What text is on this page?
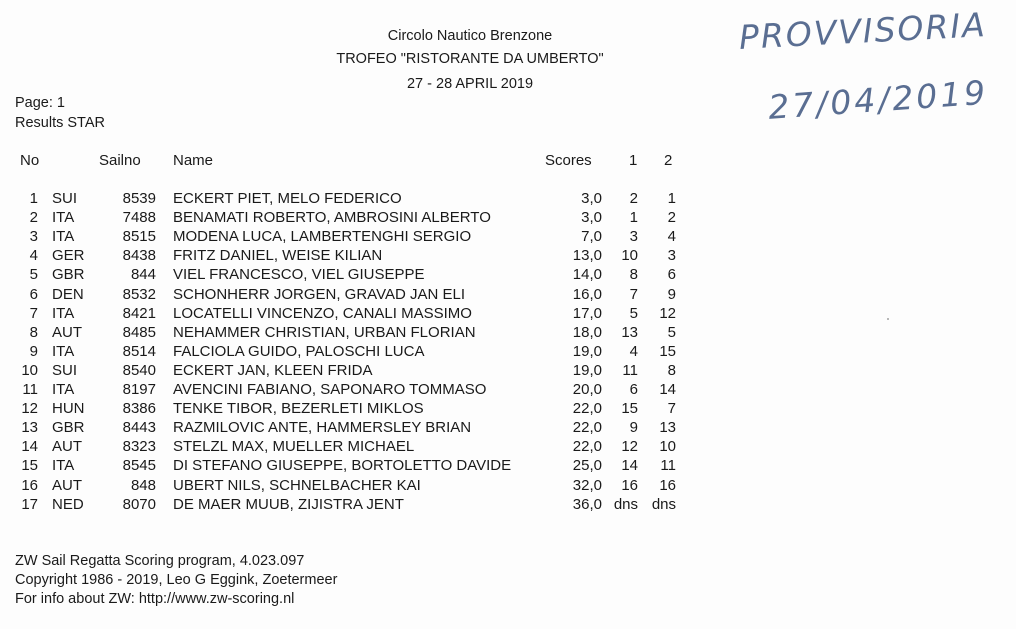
Circolo Nautico Brenzone
TROFEO "RISTORANTE DA UMBERTO"
27 - 28 APRIL 2019
Page: 1
Results STAR
PROVVISORIA
27/04/2019
No	Sailno Name	Scores 1 2
1 SUI	8539 ECKERT PIET, MELO FEDERICO	3,0	2	1
2 ITA	7488 BENAMATI ROBERTO, AMBROSINI ALBERTO	3,0	1	2
3 ITA	8515 MODENA LUCA, LAMBERTENGHI SERGIO	7,0	3	4
4 GER	8438 FRITZ DANIEL, WEISE KILIAN	13,0	10	3
5 GBR	844 VIEL FRANCESCO, VIEL GIUSEPPE	14,0	8	6
6 DEN	8532 SCHONHERR JORGEN, GRAVAD JAN ELI	16,0	7	9
7 ITA	8421 LOCATELLI VINCENZO, CANALI MASSIMO	17,0	5	12
8 AUT	8485 NEHAMMER CHRISTIAN, URBAN FLORIAN	18,0	13	5
9 ITA	8514 FALCIOLA GUIDO, PALOSCHI LUCA	19,0	4	15
10 SUI	8540 ECKERT JAN, KLEEN FRIDA	19,0	11	8
11 ITA	8197 AVENCINI FABIANO, SAPONARO TOMMASO	20,0	6	14
12 HUN	8386 TENKE TIBOR, BEZERLETI MIKLOS	22,0	15	7
13 GBR	8443 RAZMILOVIC ANTE, HAMMERSLEY BRIAN	22,0	9	13
14 AUT	8323 STELZL MAX, MUELLER MICHAEL	22,0	12	10
15 ITA	8545 DI STEFANO GIUSEPPE, BORTOLETTO DAVIDE	25,0	14	11
16 AUT	848 UBERT NILS, SCHNELBACHER KAI	32,0	16	16
17 NED	8070 DE MAER MUUB, ZIJISTRA JENT	36,0 dns dns
ZW Sail Regatta Scoring program, 4.023.097
Copyright 1986 - 2019, Leo G Eggink, Zoetermeer
For info about ZW: http://www.zw-scoring.nl
